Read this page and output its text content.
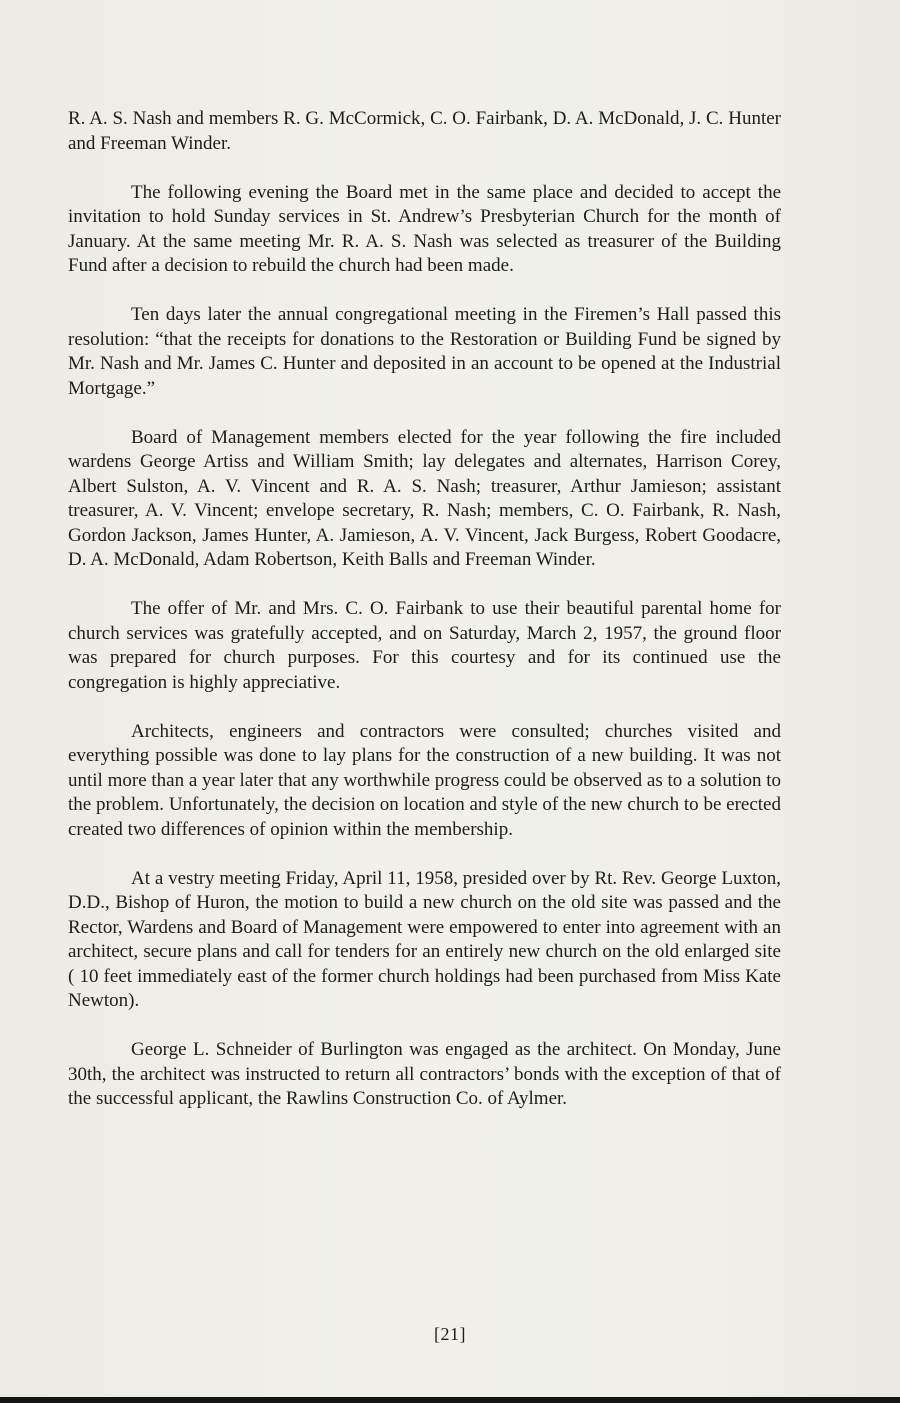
R. A. S. Nash and members R. G. McCormick, C. O. Fairbank, D. A. McDonald, J. C. Hunter and Freeman Winder.

The following evening the Board met in the same place and decided to accept the invitation to hold Sunday services in St. Andrew’s Presbyterian Church for the month of January. At the same meeting Mr. R. A. S. Nash was selected as treasurer of the Building Fund after a decision to rebuild the church had been made.

Ten days later the annual congregational meeting in the Firemen’s Hall passed this resolution: “that the receipts for donations to the Restoration or Building Fund be signed by Mr. Nash and Mr. James C. Hunter and deposited in an account to be opened at the Industrial Mortgage.”

Board of Management members elected for the year following the fire included wardens George Artiss and William Smith; lay delegates and alternates, Harrison Corey, Albert Sulston, A. V. Vincent and R. A. S. Nash; treasurer, Arthur Jamieson; assistant treasurer, A. V. Vincent; envelope secretary, R. Nash; members, C. O. Fairbank, R. Nash, Gordon Jackson, James Hunter, A. Jamieson, A. V. Vincent, Jack Burgess, Robert Goodacre, D. A. McDonald, Adam Robertson, Keith Balls and Freeman Winder.

The offer of Mr. and Mrs. C. O. Fairbank to use their beautiful parental home for church services was gratefully accepted, and on Saturday, March 2, 1957, the ground floor was prepared for church purposes. For this courtesy and for its continued use the congregation is highly appreciative.

Architects, engineers and contractors were consulted; churches visited and everything possible was done to lay plans for the construction of a new building. It was not until more than a year later that any worthwhile progress could be observed as to a solution to the problem. Unfortunately, the decision on location and style of the new church to be erected created two differences of opinion within the membership.

At a vestry meeting Friday, April 11, 1958, presided over by Rt. Rev. George Luxton, D.D., Bishop of Huron, the motion to build a new church on the old site was passed and the Rector, Wardens and Board of Management were empowered to enter into agreement with an architect, secure plans and call for tenders for an entirely new church on the old enlarged site ( 10 feet immediately east of the former church holdings had been purchased from Miss Kate Newton).

George L. Schneider of Burlington was engaged as the architect. On Monday, June 30th, the architect was instructed to return all contractors’ bonds with the exception of that of the successful applicant, the Rawlins Construction Co. of Aylmer.

[21]
